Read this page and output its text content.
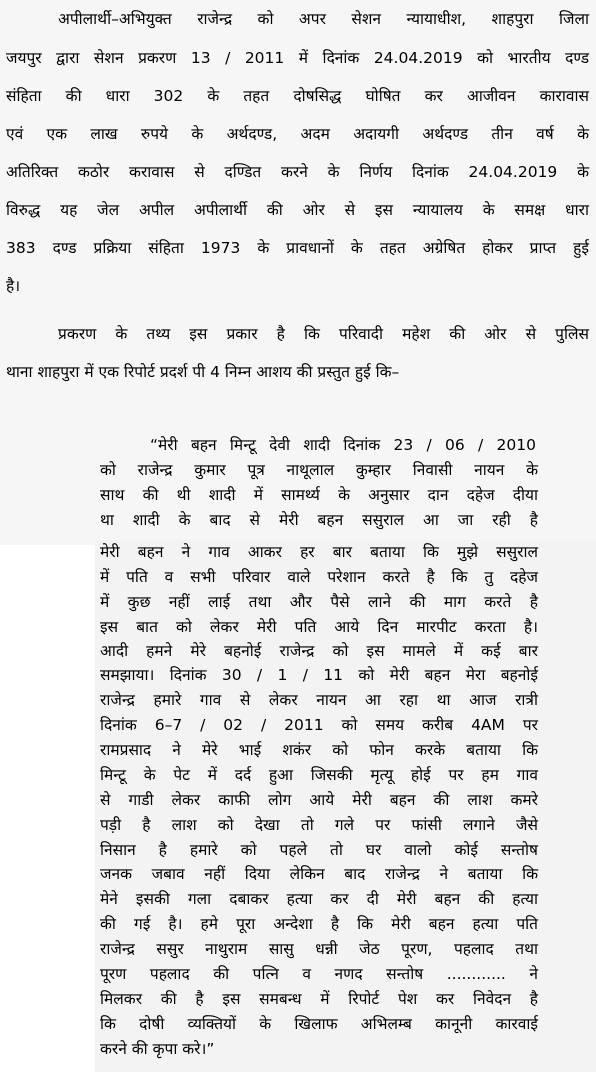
अपीलार्थी–अभियुक्त राजेन्द्र को अपर सेशन न्यायाधीश, शाहपुरा जिला
जयपुर द्वारा सेशन प्रकरण 13 / 2011 में दिनांक 24.04.2019 को भारतीय दण्ड
संहिता की धारा 302 के तहत दोषसिद्ध घोषित कर आजीवन कारावास
एवं एक लाख रुपये के अर्थदण्ड, अदम अदायगी अर्थदण्ड तीन वर्ष के
अतिरिक्त कठोर करावास से दण्डित करने के निर्णय दिनांक 24.04.2019 के
विरुद्ध यह जेल अपील अपीलार्थी की ओर से इस न्यायालय के समक्ष धारा
383 दण्ड प्रक्रिया संहिता 1973 के प्रावधानों के तहत अग्रेषित होकर प्राप्त हुई
है।
प्रकरण के तथ्य इस प्रकार है कि परिवादी महेश की ओर से पुलिस
थाना शाहपुरा में एक रिपोर्ट प्रदर्श पी 4 निम्न आशय की प्रस्तुत हुई कि–
“मेरी बहन मिन्टू देवी शादी दिनांक 23 / 06 / 2010
को राजेन्द्र कुमार पूत्र नाथूलाल कुम्हार निवासी नायन के
साथ की थी शादी में सामर्थ्य के अनुसार दान दहेज दीया
था शादी के बाद से मेरी बहन ससुराल आ जा रही है
मेरी बहन ने गाव आकर हर बार बताया कि मुझे ससुराल
में पति व सभी परिवार वाले परेशान करते है कि तु दहेज
में कुछ नहीं लाई तथा और पैसे लाने की माग करते है
इस बात को लेकर मेरी पति आये दिन मारपीट करता है।
आदी हमने मेरे बहनोई राजेन्द्र को इस मामले में कई बार
समझाया। दिनांक 30 / 1 / 11 को मेरी बहन मेरा बहनोई
राजेन्द्र हमारे गाव से लेकर नायन आ रहा था आज रात्री
दिनांक 6–7 / 02 / 2011 को समय करीब 4AM पर
रामप्रसाद ने मेरे भाई शकंर को फोन करके बताया कि
मिन्टू के पेट में दर्द हुआ जिसकी मृत्यू होई पर हम गाव
से गाडी लेकर काफी लोग आये मेरी बहन की लाश कमरे
पड़ी है लाश को देखा तो गले पर फांसी लगाने जैसे
निसान है हमारे को पहले तो घर वालो कोई सन्तोष
जनक जबाव नहीं दिया लेकिन बाद राजेन्द्र ने बताया कि
मेने इसकी गला दबाकर हत्या कर दी मेरी बहन की हत्या
की गई है। हमे पूरा अन्देशा है कि मेरी बहन हत्या पति
राजेन्द्र ससुर नाथुराम सासु धन्नी जेठ पूरण, पहलाद तथा
पूरण पहलाद की पत्नि व नणद सन्तोष ............ ने
मिलकर की है इस समबन्ध में रिपोर्ट पेश कर निवेदन है
कि दोषी व्यक्तियों के खिलाफ अभिलम्ब कानूनी कारवाई
करने की कृपा करे।”
